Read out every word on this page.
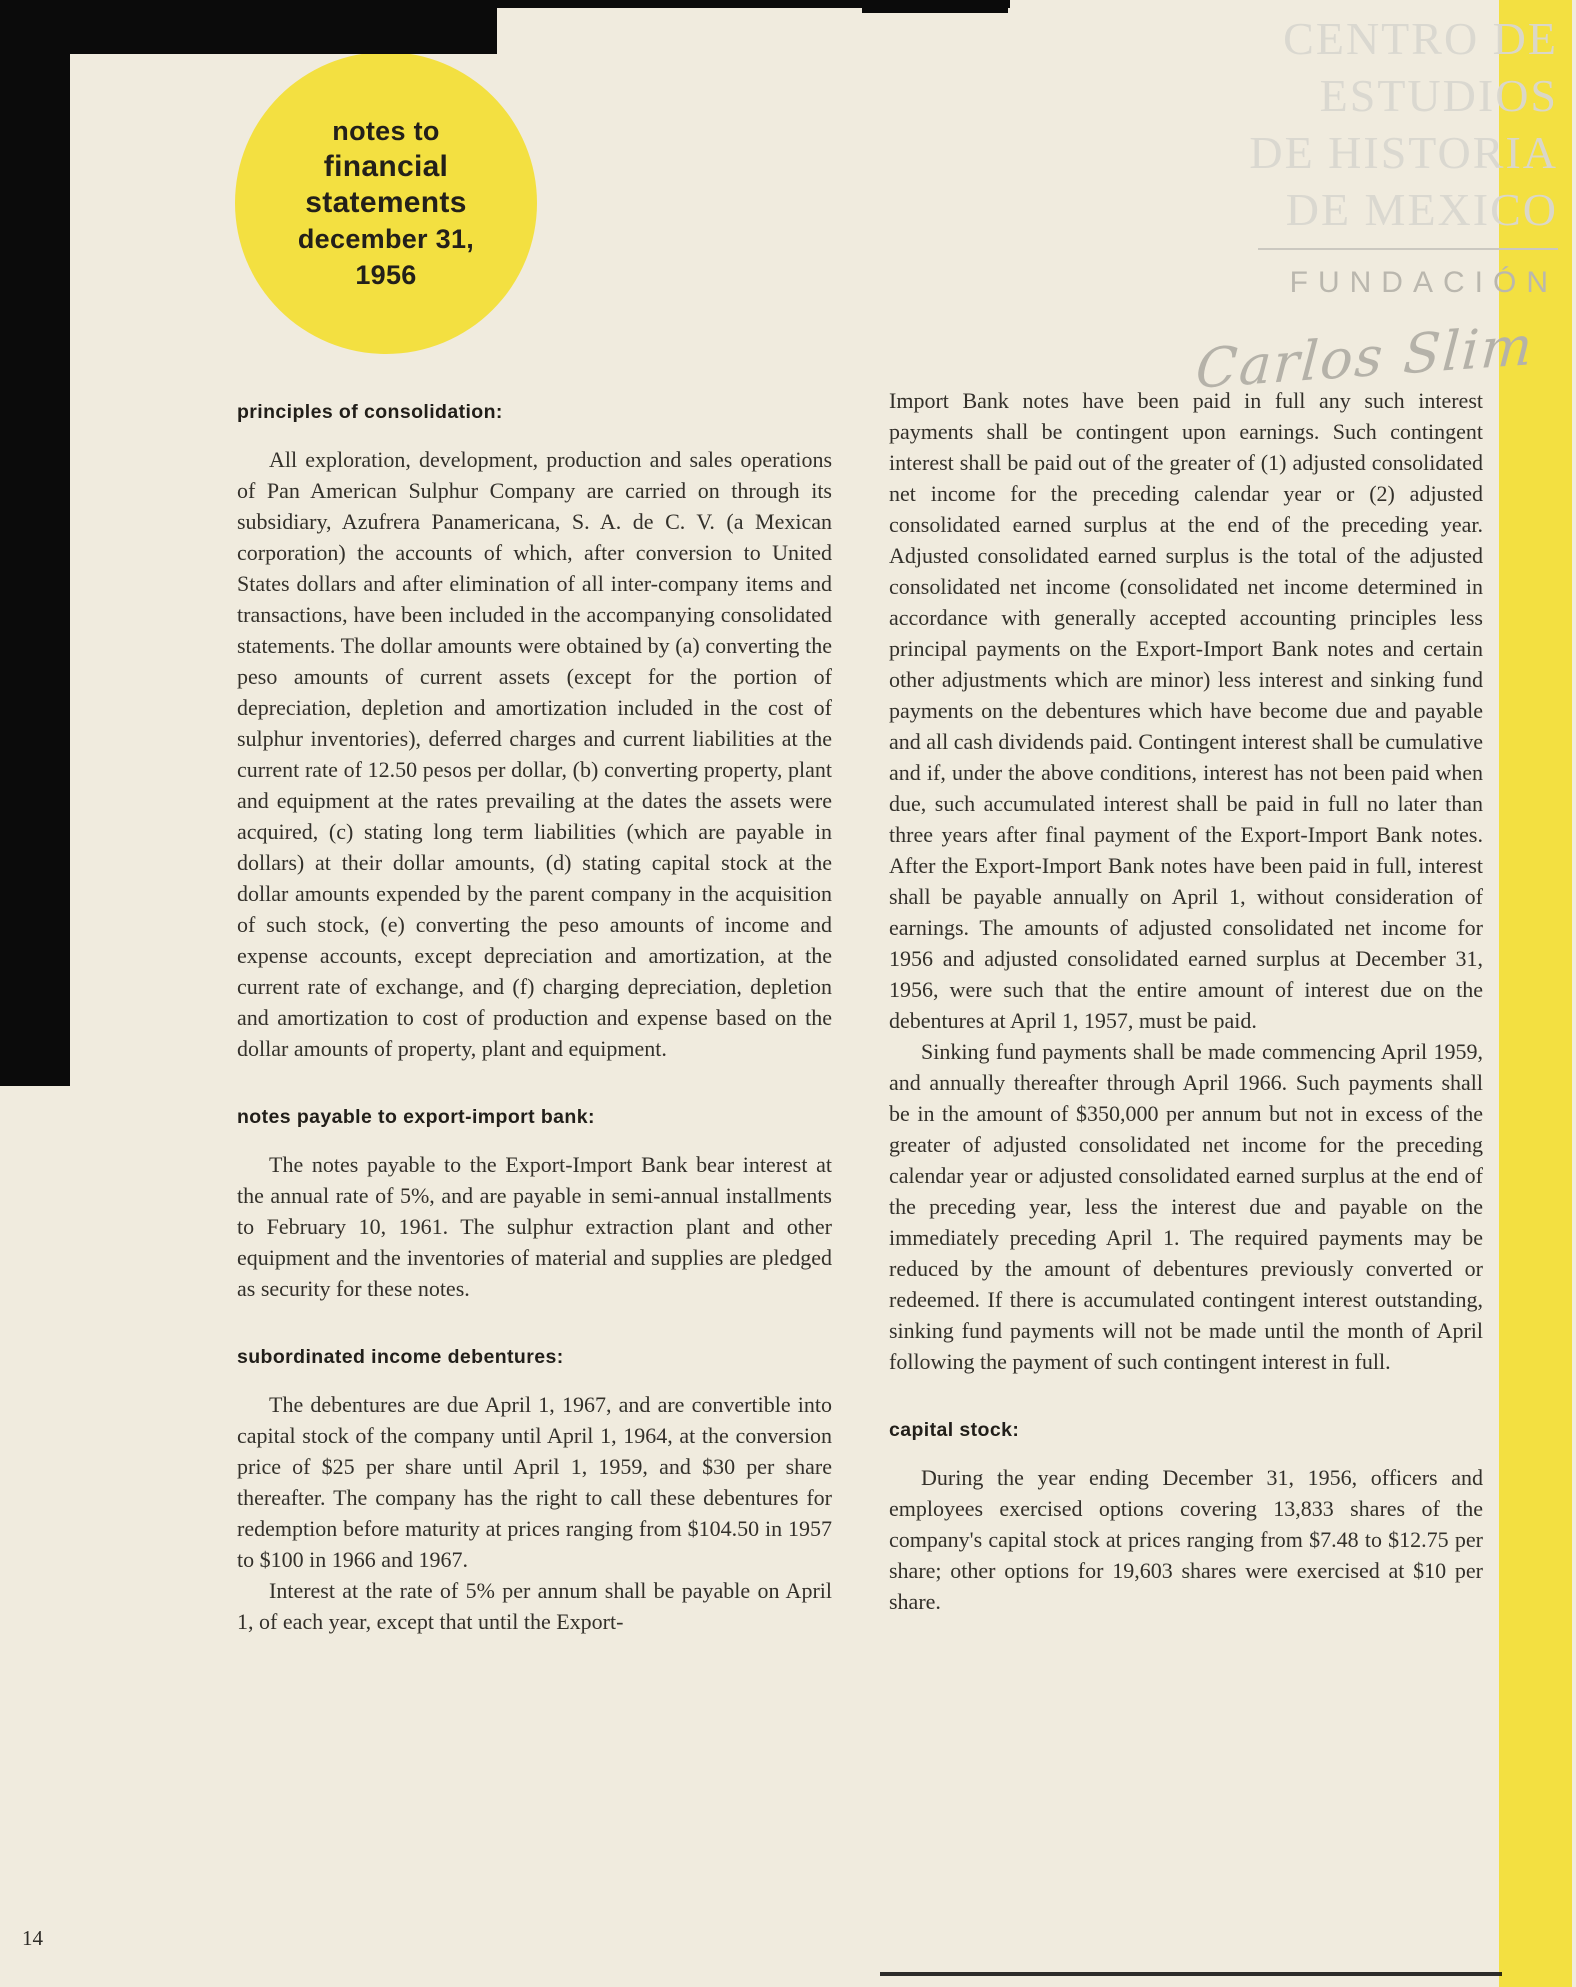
CENTRO DE
ESTUDIOS
DE HISTORIA
DE MEXICO
FUNDACIÓN
Carlos Slim
notes to
financial
statements
december 31,
1956
principles of consolidation:

All exploration, development, production and sales operations of Pan American Sulphur Company are carried on through its subsidiary, Azufrera Panamericana, S. A. de C. V. (a Mexican corporation) the accounts of which, after conversion to United States dollars and after elimination of all inter-company items and transactions, have been included in the accompanying consolidated statements. The dollar amounts were obtained by (a) converting the peso amounts of current assets (except for the portion of depreciation, depletion and amortization included in the cost of sulphur inventories), deferred charges and current liabilities at the current rate of 12.50 pesos per dollar, (b) converting property, plant and equipment at the rates prevailing at the dates the assets were acquired, (c) stating long term liabilities (which are payable in dollars) at their dollar amounts, (d) stating capital stock at the dollar amounts expended by the parent company in the acquisition of such stock, (e) converting the peso amounts of income and expense accounts, except depreciation and amortization, at the current rate of exchange, and (f) charging depreciation, depletion and amortization to cost of production and expense based on the dollar amounts of property, plant and equipment.

notes payable to export-import bank:

The notes payable to the Export-Import Bank bear interest at the annual rate of 5%, and are payable in semi-annual installments to February 10, 1961. The sulphur extraction plant and other equipment and the inventories of material and supplies are pledged as security for these notes.

subordinated income debentures:

The debentures are due April 1, 1967, and are convertible into capital stock of the company until April 1, 1964, at the conversion price of $25 per share until April 1, 1959, and $30 per share thereafter. The company has the right to call these debentures for redemption before maturity at prices ranging from $104.50 in 1957 to $100 in 1966 and 1967.

Interest at the rate of 5% per annum shall be payable on April 1, of each year, except that until the Export-

Import Bank notes have been paid in full any such interest payments shall be contingent upon earnings. Such contingent interest shall be paid out of the greater of (1) adjusted consolidated net income for the preceding calendar year or (2) adjusted consolidated earned surplus at the end of the preceding year. Adjusted consolidated earned surplus is the total of the adjusted consolidated net income (consolidated net income determined in accordance with generally accepted accounting principles less principal payments on the Export-Import Bank notes and certain other adjustments which are minor) less interest and sinking fund payments on the debentures which have become due and payable and all cash dividends paid. Contingent interest shall be cumulative and if, under the above conditions, interest has not been paid when due, such accumulated interest shall be paid in full no later than three years after final payment of the Export-Import Bank notes. After the Export-Import Bank notes have been paid in full, interest shall be payable annually on April 1, without consideration of earnings. The amounts of adjusted consolidated net income for 1956 and adjusted consolidated earned surplus at December 31, 1956, were such that the entire amount of interest due on the debentures at April 1, 1957, must be paid.

Sinking fund payments shall be made commencing April 1959, and annually thereafter through April 1966. Such payments shall be in the amount of $350,000 per annum but not in excess of the greater of adjusted consolidated net income for the preceding calendar year or adjusted consolidated earned surplus at the end of the preceding year, less the interest due and payable on the immediately preceding April 1. The required payments may be reduced by the amount of debentures previously converted or redeemed. If there is accumulated contingent interest outstanding, sinking fund payments will not be made until the month of April following the payment of such contingent interest in full.

capital stock:

During the year ending December 31, 1956, officers and employees exercised options covering 13,833 shares of the company's capital stock at prices ranging from $7.48 to $12.75 per share; other options for 19,603 shares were exercised at $10 per share.

14
